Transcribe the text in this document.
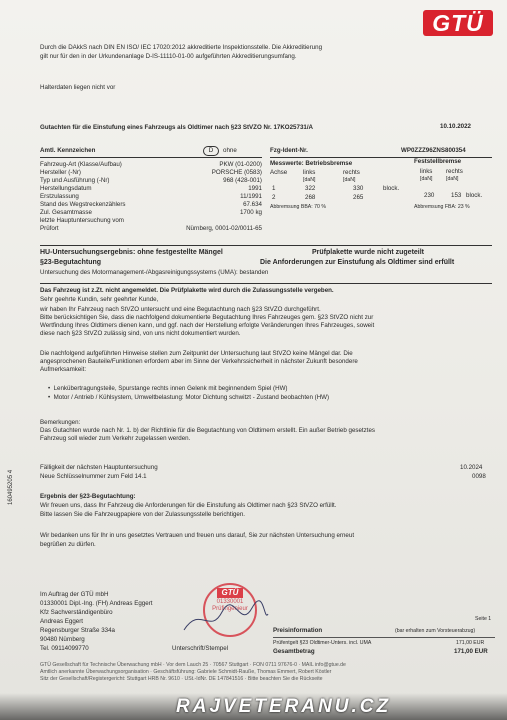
GTÜ
Durch die DAkkS nach DIN EN ISO/ IEC 17020:2012 akkreditierte Inspektionsstelle. Die Akkreditierung
gilt nur für den in der Urkundenanlage D-IS-11110-01-00 aufgeführten Akkreditierungsumfang.
Halterdaten liegen nicht vor
Gutachten für die Einstufung eines Fahrzeugs als Oldtimer nach §23 StVZO Nr. 17KO25731/A	10.10.2022
Amtl. Kennzeichen	D ohne	Fzg-Ident-Nr.	WP0ZZZ96ZNS800354
Fahrzeug-Art (Klasse/Aufbau)	PKW (01-0200)
Hersteller (-Nr)	PORSCHE (0583)
Typ und Ausführung (-Nr)	968 (428-001)
Herstellungsdatum	1991
Erstzulassung	11/1991
Stand des Wegstreckenzählers	67.634
Zul. Gesamtmasse	1700 kg
letzte Hauptuntersuchung vom
Prüfort	Nürnberg, 0001-02/0011-65
Messwerte: Betriebsbremse
Achse	links	rechts
[daN]	[daN]
1	322	330	block.
2	268	265
Abbremsung BBA: 70 %
Feststellbremse
links rechts
[daN]	[daN]
230	153 block.
Abbremsung FBA: 23 %
HU-Untersuchungsergebnis: ohne festgestellte Mängel	Prüfplakette wurde nicht zugeteilt
§23-Begutachtung	Die Anforderungen zur Einstufung als Oldtimer sind erfüllt
Untersuchung des Motormanagement-/Abgasreinigungssystems (UMA): bestanden
Das Fahrzeug ist z.Zt. nicht angemeldet. Die Prüfplakette wird durch die Zulassungsstelle vergeben.
Sehr geehrte Kundin, sehr geehrter Kunde,
wir haben Ihr Fahrzeug nach StVZO untersucht und eine Begutachtung nach §23 StVZO durchgeführt.
Bitte berücksichtigen Sie, dass die nachfolgend dokumentierte Begutachtung Ihres Fahrzeuges gem. §23 StVZO nicht zur
Wertfindung Ihres Oldtimers dienen kann, und ggf. nach der Herstellung erfolgte Veränderungen Ihres Fahrzeuges, soweit
diese nach §23 StVZO zulässig sind, von uns nicht dokumentiert wurden.
Die nachfolgend aufgeführten Hinweise stellen zum Zeitpunkt der Untersuchung laut StVZO keine Mängel dar. Die
angesprochenen Bauteile/Funktionen erfordern aber im Sinne der Verkehrssicherheit in nächster Zukunft besondere
Aufmerksamkeit:
•  Lenkübertragungsteile, Spurstange rechts innen Gelenk mit beginnendem Spiel (HW)
•  Motor / Antrieb / Kühlsystem, Umweltbelastung: Motor Dichtung schwitzt - Zustand beobachten (HW)
Bemerkungen:
Das Gutachten wurde nach Nr. 1. b) der Richtlinie für die Begutachtung von Oldtimern erstellt. Ein außer Betrieb gesetztes
Fahrzeug soll wieder zum Verkehr zugelassen werden.
Fälligkeit der nächsten Hauptuntersuchung	10.2024
Neue Schlüsselnummer zum Feld 14.1	0098
Ergebnis der §23-Begutachtung:
Wir freuen uns, dass Ihr Fahrzeug die Anforderungen für die Einstufung als Oldtimer nach §23 StVZO erfüllt.
Bitte lassen Sie die Fahrzeugpapiere von der Zulassungsstelle berichtigen.
Wir bedanken uns für Ihr in uns gesetztes Vertrauen und freuen uns darauf, Sie zur nächsten Untersuchung erneut
begrüßen zu dürfen.
Im Auftrag der GTÜ mbH
01330001 Dipl.-Ing. (FH) Andreas Eggert
Kfz Sachverständigenbüro
Andreas Eggert
Regensburger Straße 334a
90480 Nürnberg
Tel. 09114099770	Unterschrift/Stempel
GTÜ
01330001
Prüfingenieur
Seite 1
Preisinformation	(bar erhalten zum Vorsteuerabzug)
Prüfentgelt §23 Oldtimer-Unters. incl. UMA	171,00 EUR
Gesamtbetrag	171,00 EUR
GTÜ Gesellschaft für Technische Überwachung mbH · Vor dem Lauch 25 · 70567 Stuttgart · FON 0711 97676-0 · MAIL info@gtue.de
Amtlich anerkannte Überwachungsorganisation · Geschäftsführung: Gabriele Schmidt-Rauße, Thomas Emmert, Robert Köstler
Sitz der Gesellschaft/Registergericht: Stuttgart HRB Nr. 9610 · USt.-IdNr. DE 147841516 · Bitte beachten Sie die Rückseite
160495205 4
RAJVETERANU.CZ
